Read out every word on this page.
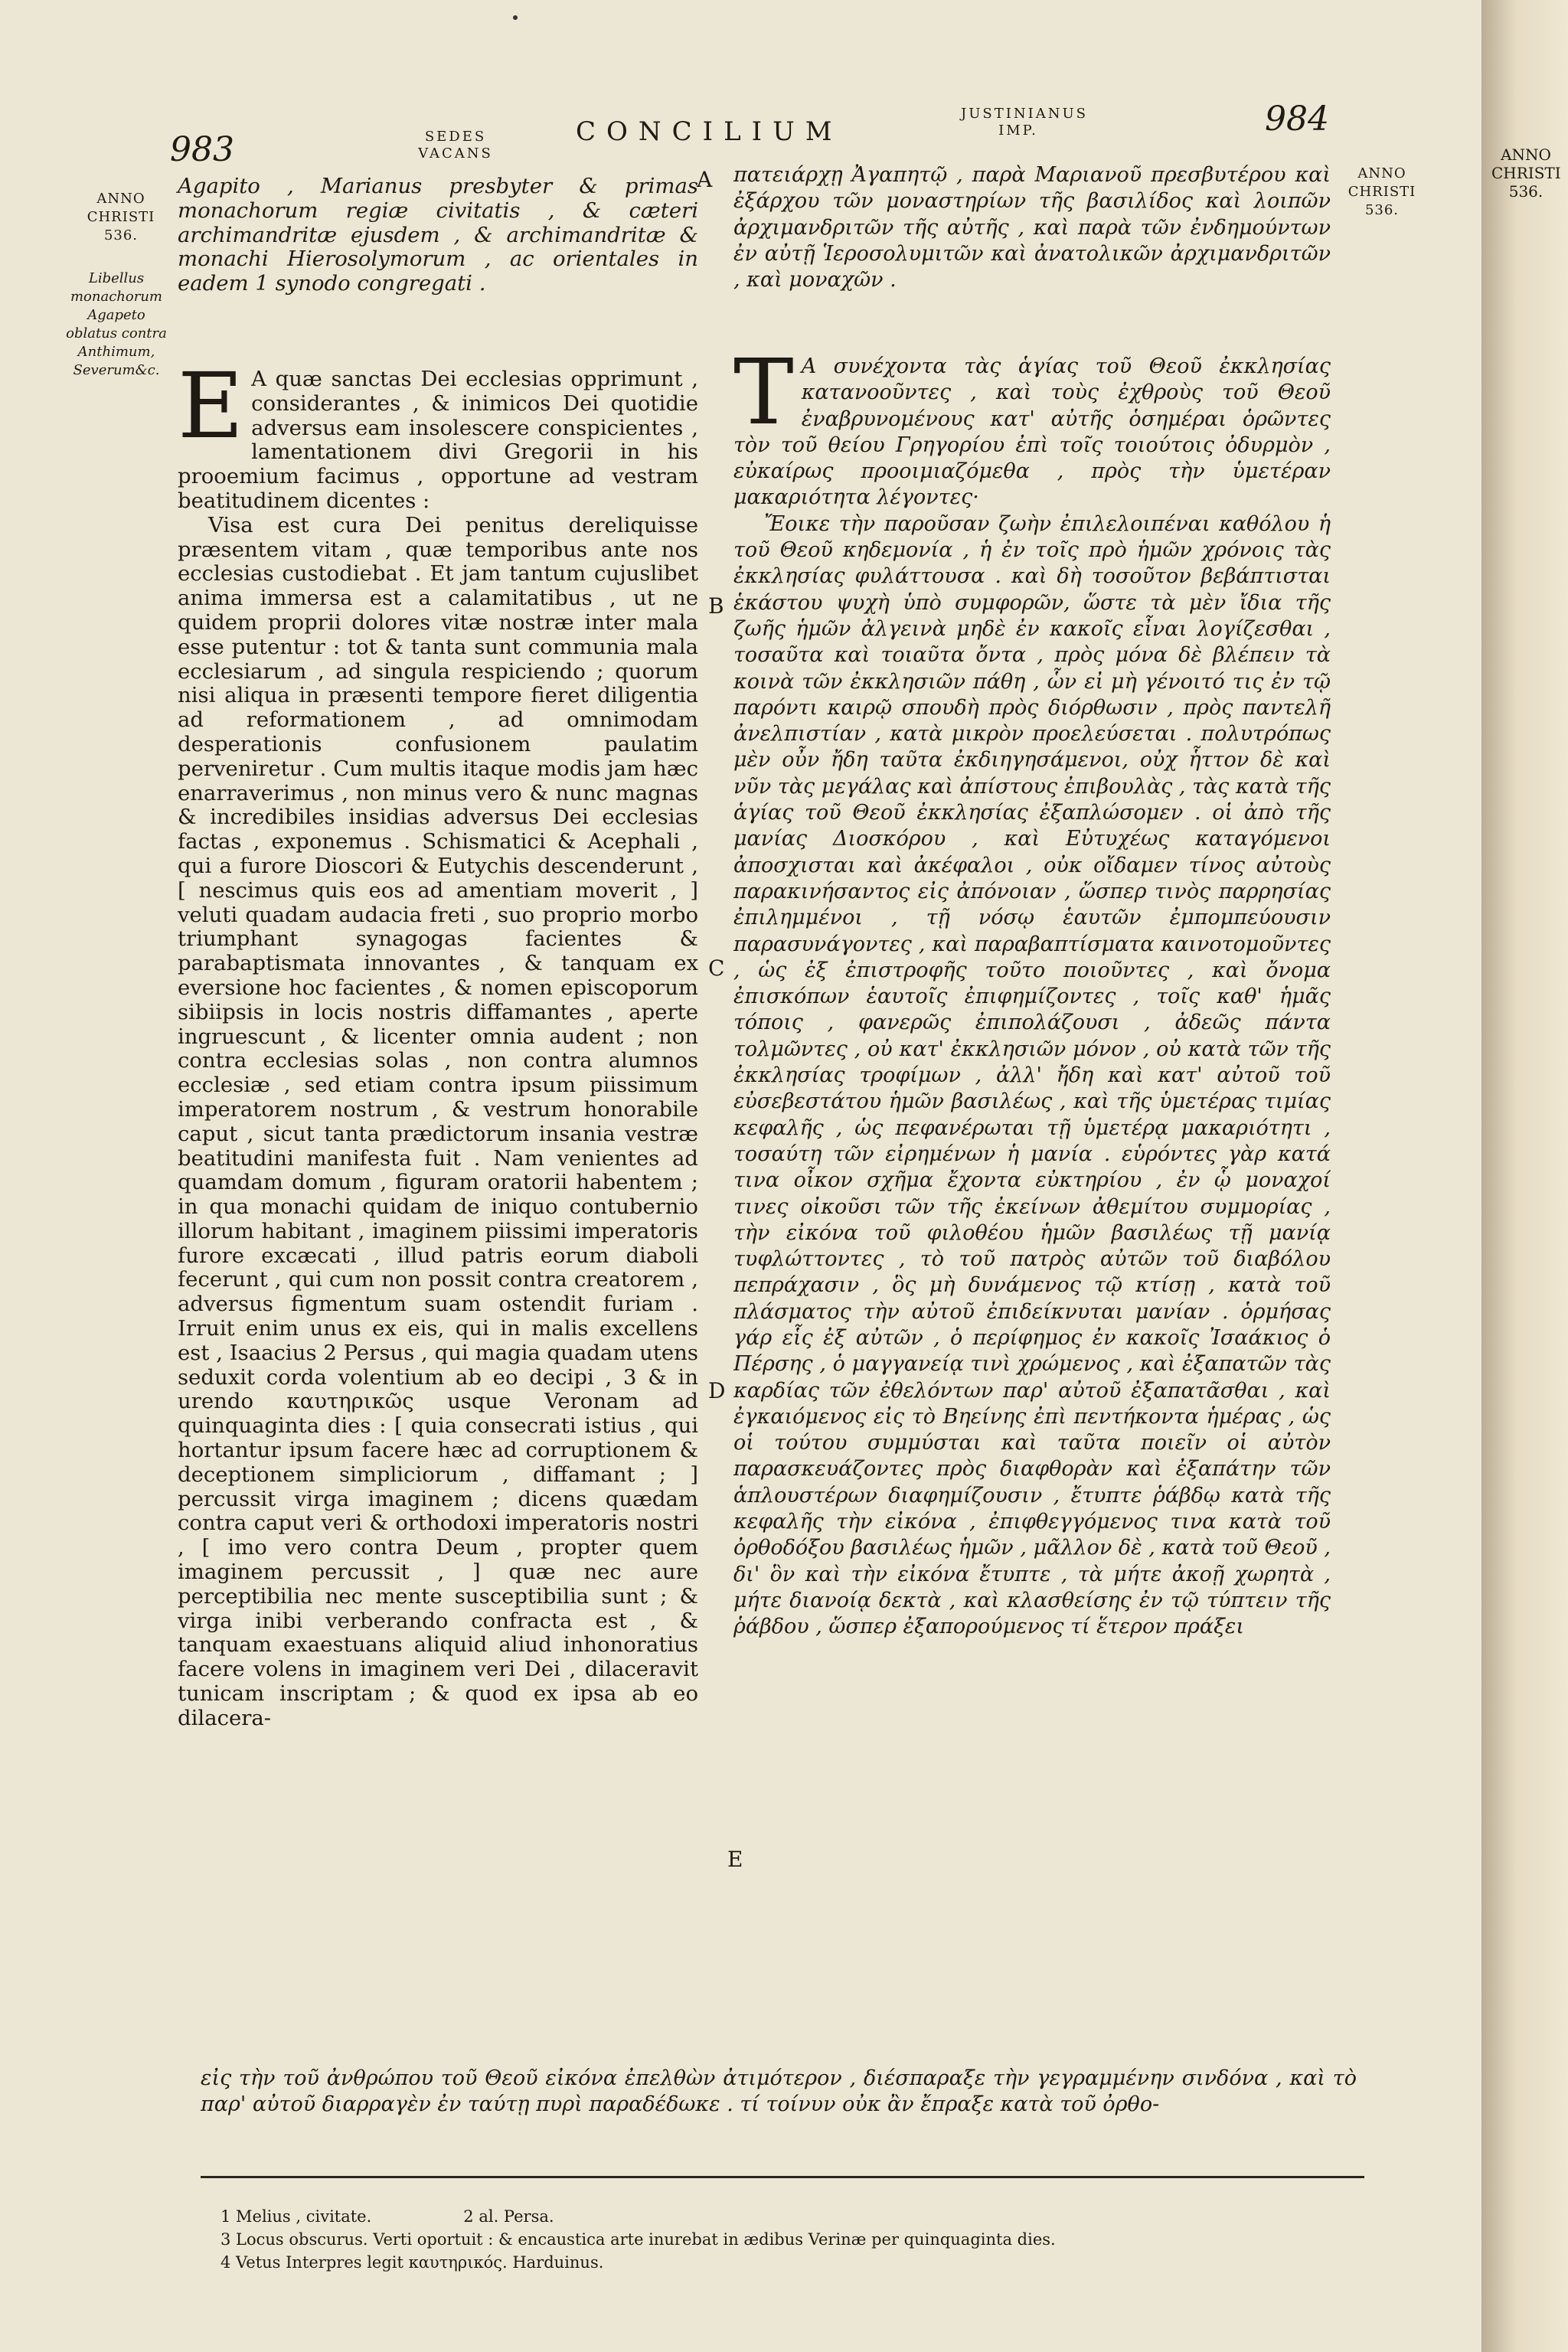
983	SEDES
VACANS
CONCILIUM
JUSTINIANUS
IMP.	984
ANNO
CHRISTI
536.
Libellus monachorum Agapeto oblatus contra Anthimum, Severum&c.
ANNO
CHRISTI
536.
A
B
C
D
E
Agapito , Marianus presbyter & primas monachorum regiæ civitatis , & cæteri archimandritæ ejusdem , & archimandritæ & monachi Hierosolymorum , ac orientales in eadem 1 synodo congregati .

E A quæ sanctas Dei ecclesias opprimunt , considerantes , & inimicos Dei quotidie adversus eam insolescere conspicientes , lamentationem divi Gregorii in his prooemium facimus , opportune ad vestram beatitudinem dicentes :

Visa est cura Dei penitus dereliquisse præsentem vitam , quæ temporibus ante nos ecclesias custodiebat . Et jam tantum cujuslibet anima immersa est a calamitatibus , ut ne quidem proprii dolores vitæ nostræ inter mala esse putentur : tot & tanta sunt communia mala ecclesiarum , ad singula respiciendo ; quorum nisi aliqua in præsenti tempore fieret diligentia ad reformationem , ad omnimodam desperationis confusionem paulatim perveniretur . Cum multis itaque modis jam hæc enarraverimus , non minus vero & nunc magnas & incredibiles insidias adversus Dei ecclesias factas , exponemus . Schismatici & Acephali , qui a furore Dioscori & Eutychis descenderunt , [ nescimus quis eos ad amentiam moverit , ] veluti quadam audacia freti , suo proprio morbo triumphant synagogas facientes & parabaptismata innovantes , & tanquam ex eversione hoc facientes , & nomen episcoporum sibiipsis in locis nostris diffamantes , aperte ingruescunt , & licenter omnia audent ; non contra ecclesias solas , non contra alumnos ecclesiæ , sed etiam contra ipsum piissimum imperatorem nostrum , & vestrum honorabile caput , sicut tanta prædictorum insania vestræ beatitudini manifesta fuit . Nam venientes ad quamdam domum , figuram oratorii habentem ; in qua monachi quidam de iniquo contubernio illorum habitant , imaginem piissimi imperatoris furore excæcati , illud patris eorum diaboli fecerunt , qui cum non possit contra creatorem , adversus figmentum suam ostendit furiam . Irruit enim unus ex eis, qui in malis excellens est , Isaacius 2 Persus , qui magia quadam utens seduxit corda volentium ab eo decipi , 3 & in urendo καυτηρικῶς usque Veronam ad quinquaginta dies : [ quia consecrati istius , qui hortantur ipsum facere hæc ad corruptionem & deceptionem simpliciorum , diffamant ; ] percussit virga imaginem ; dicens quædam contra caput veri & orthodoxi imperatoris nostri , [ imo vero contra Deum , propter quem imaginem percussit , ] quæ nec aure perceptibilia nec mente susceptibilia sunt ; & virga inibi verberando confracta est , & tanquam exaestuans aliquid aliud inhonoratius facere volens in imaginem veri Dei , dilaceravit tunicam inscriptam ; & quod ex ipsa ab eo dilacera-

πατειάρχῃ Ἀγαπητῷ , παρὰ Μαριανοῦ πρεσβυτέρου καὶ ἐξάρχου τῶν μοναστηρίων τῆς βασιλίδος καὶ λοιπῶν ἀρχιμανδριτῶν τῆς αὐτῆς , καὶ παρὰ τῶν ἐνδημούντων ἐν αὐτῇ Ἱεροσολυμιτῶν καὶ ἀνατολικῶν ἀρχιμανδριτῶν , καὶ μοναχῶν .

Τ Α συνέχοντα τὰς ἁγίας τοῦ Θεοῦ ἐκκλησίας κατανοοῦντες , καὶ τοὺς ἐχθροὺς τοῦ Θεοῦ ἐναβρυνομένους κατ' αὐτῆς ὁσημέραι ὁρῶντες τὸν τοῦ θείου Γρηγορίου ἐπὶ τοῖς τοιούτοις ὀδυρμὸν , εὐκαίρως προοιμιαζόμεθα , πρὸς τὴν ὑμετέραν μακαριότητα λέγοντες·

Ἔοικε τὴν παροῦσαν ζωὴν ἐπιλελοιπέναι καθόλου ἡ τοῦ Θεοῦ κηδεμονία , ἡ ἐν τοῖς πρὸ ἡμῶν χρόνοις τὰς ἐκκλησίας φυλάττουσα . καὶ δὴ τοσοῦτον βεβάπτισται ἑκάστου ψυχὴ ὑπὸ συμφορῶν, ὥστε τὰ μὲν ἴδια τῆς ζωῆς ἡμῶν ἀλγεινὰ μηδὲ ἐν κακοῖς εἶναι λογίζεσθαι , τοσαῦτα καὶ τοιαῦτα ὄντα , πρὸς μόνα δὲ βλέπειν τὰ κοινὰ τῶν ἐκκλησιῶν πάθη , ὧν εἰ μὴ γένοιτό τις ἐν τῷ παρόντι καιρῷ σπουδὴ πρὸς διόρθωσιν , πρὸς παντελῆ ἀνελπιστίαν , κατὰ μικρὸν προελεύσεται . πολυτρόπως μὲν οὖν ἤδη ταῦτα ἐκδιηγησάμενοι, οὐχ ἧττον δὲ καὶ νῦν τὰς μεγάλας καὶ ἀπίστους ἐπιβουλὰς , τὰς κατὰ τῆς ἁγίας τοῦ Θεοῦ ἐκκλησίας ἐξαπλώσομεν . οἱ ἀπὸ τῆς μανίας Διοσκόρου , καὶ Εὐτυχέως καταγόμενοι ἀποσχισται καὶ ἀκέφαλοι , οὐκ οἴδαμεν τίνος αὐτοὺς παρακινήσαντος εἰς ἀπόνοιαν , ὥσπερ τινὸς παρρησίας ἐπιλημμένοι , τῇ νόσῳ ἑαυτῶν ἐμπομπεύουσιν παρασυνάγοντες , καὶ παραβαπτίσματα καινοτομοῦντες , ὡς ἐξ ἐπιστροφῆς τοῦτο ποιοῦντες , καὶ ὄνομα ἐπισκόπων ἑαυτοῖς ἐπιφημίζοντες , τοῖς καθ' ἡμᾶς τόποις , φανερῶς ἐπιπολάζουσι , ἀδεῶς πάντα τολμῶντες , οὐ κατ' ἐκκλησιῶν μόνον , οὐ κατὰ τῶν τῆς ἐκκλησίας τροφίμων , ἀλλ' ἤδη καὶ κατ' αὐτοῦ τοῦ εὐσεβεστάτου ἡμῶν βασιλέως , καὶ τῆς ὑμετέρας τιμίας κεφαλῆς , ὡς πεφανέρωται τῇ ὑμετέρᾳ μακαριότητι , τοσαύτη τῶν εἰρημένων ἡ μανία . εὑρόντες γὰρ κατά τινα οἶκον σχῆμα ἔχοντα εὐκτηρίου , ἐν ᾧ μοναχοί τινες οἰκοῦσι τῶν τῆς ἐκείνων ἀθεμίτου συμμορίας , τὴν εἰκόνα τοῦ φιλοθέου ἡμῶν βασιλέως τῇ μανίᾳ τυφλώττοντες , τὸ τοῦ πατρὸς αὐτῶν τοῦ διαβόλου πεπράχασιν , ὃς μὴ δυνάμενος τῷ κτίσῃ , κατὰ τοῦ πλάσματος τὴν αὐτοῦ ἐπιδείκνυται μανίαν . ὁρμήσας γάρ εἷς ἐξ αὐτῶν , ὁ περίφημος ἐν κακοῖς Ἰσαάκιος ὁ Πέρσης , ὁ μαγγανείᾳ τινὶ χρώμενος , καὶ ἐξαπατῶν τὰς καρδίας τῶν ἐθελόντων παρ' αὐτοῦ ἐξαπατᾶσθαι , καὶ ἐγκαιόμενος εἰς τὸ Βηείνης ἐπὶ πεντήκοντα ἡμέρας , ὡς οἱ τούτου συμμύσται καὶ ταῦτα ποιεῖν οἱ αὐτὸν παρασκευάζοντες πρὸς διαφθορὰν καὶ ἐξαπάτην τῶν ἁπλουστέρων διαφημίζουσιν , ἔτυπτε ῥάβδῳ κατὰ τῆς κεφαλῆς τὴν εἰκόνα , ἐπιφθεγγόμενος τινα κατὰ τοῦ ὀρθοδόξου βασιλέως ἡμῶν , μᾶλλον δὲ , κατὰ τοῦ Θεοῦ , δι' ὃν καὶ τὴν εἰκόνα ἔτυπτε , τὰ μήτε ἀκοῇ χωρητὰ , μήτε διανοίᾳ δεκτὰ , καὶ κλασθείσης ἐν τῷ τύπτειν τῆς ῥάβδου , ὥσπερ ἐξαπορούμενος τί ἕτερον πράξει

εἰς τὴν τοῦ ἀνθρώπου τοῦ Θεοῦ εἰκόνα ἐπελθὼν ἀτιμότερον , διέσπαραξε τὴν γεγραμμένην σινδόνα , καὶ τὸ παρ' αὐτοῦ διαρραγὲν ἐν ταύτῃ πυρὶ παραδέδωκε . τί τοίνυν οὐκ ἂν ἔπραξε κατὰ τοῦ ὀρθο-
1 Melius , civitate.	2 al. Persa.
3 Locus obscurus. Verti oportuit : & encaustica arte inurebat in ædibus Verinæ per quinquaginta dies.
4 Vetus Interpres legit καυτηρικός. Harduinus.
ANNO
CHRISTI
536.
